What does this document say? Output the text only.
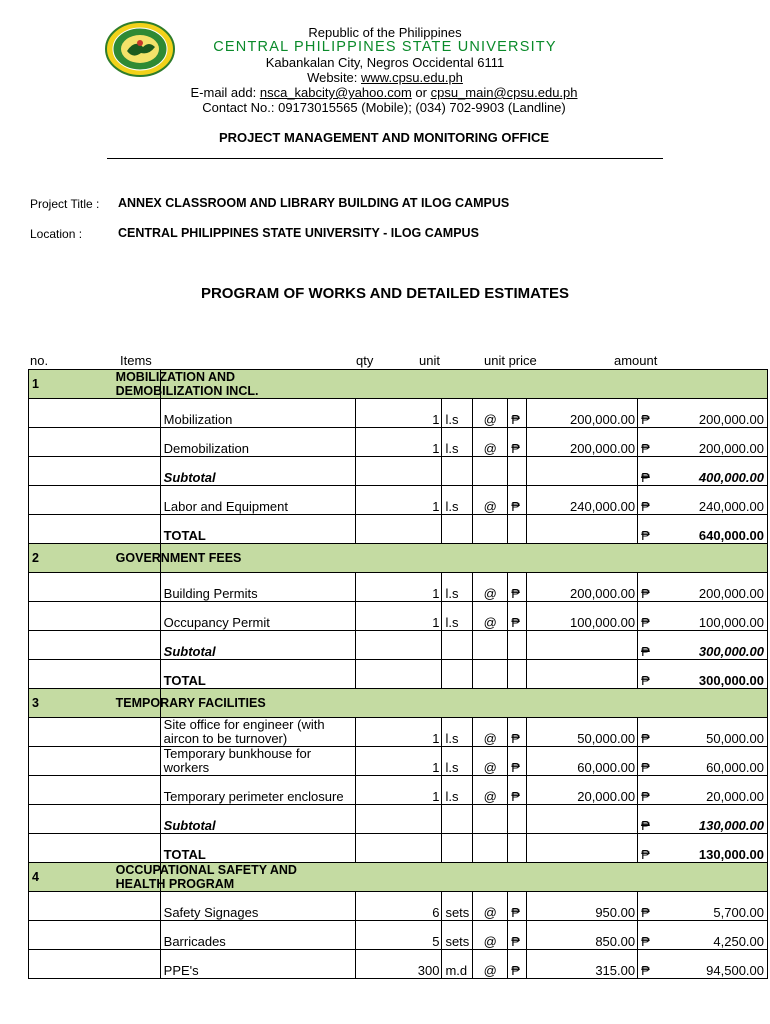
Republic of the Philippines
CENTRAL PHILIPPINES STATE UNIVERSITY
Kabankalan City, Negros Occidental 6111
Website: www.cpsu.edu.ph
E-mail add: nsca_kabcity@yahoo.com or cpsu_main@cpsu.edu.ph
Contact No.: 09173015565 (Mobile); (034) 702-9903 (Landline)
PROJECT MANAGEMENT AND MONITORING OFFICE
Project Title : ANNEX CLASSROOM AND LIBRARY BUILDING AT ILOG CAMPUS
Location :	CENTRAL PHILIPPINES STATE UNIVERSITY - ILOG CAMPUS
PROGRAM OF WORKS AND DETAILED ESTIMATES
no.	Items	qty	unit	unit price	amount
1	MOBILIZATION AND DEMOBILIZATION INCL.						
	Mobilization	1	l.s	@	₱	200,000.00	₱ 200,000.00

	Demobilization	1	l.s	@	₱	200,000.00	₱ 200,000.00

	Subtotal						₱ 400,000.00

	Labor and Equipment	1	l.s	@	₱	240,000.00	₱ 240,000.00

	TOTAL						₱ 640,000.00

2	GOVERNMENT FEES						
	Building Permits	1	l.s	@	₱	200,000.00	₱ 200,000.00

	Occupancy Permit	1	l.s	@	₱	100,000.00	₱ 100,000.00

	Subtotal						₱ 300,000.00

	TOTAL						₱ 300,000.00

3	TEMPORARY FACILITIES						
	Site office for engineer (with aircon to be turnover)	1	l.s	@	₱	50,000.00	₱ 50,000.00

	Temporary bunkhouse for workers	1	l.s	@	₱	60,000.00	₱ 60,000.00

	Temporary perimeter enclosure	1	l.s	@	₱	20,000.00	₱ 20,000.00

	Subtotal						₱ 130,000.00

	TOTAL						₱ 130,000.00

4	OCCUPATIONAL SAFETY AND HEALTH PROGRAM						
	Safety Signages	6	sets	@	₱	950.00	₱ 5,700.00

	Barricades	5	sets	@	₱	850.00	₱ 4,250.00

	PPE's	300	m.d	@	₱	315.00	₱ 94,500.00
